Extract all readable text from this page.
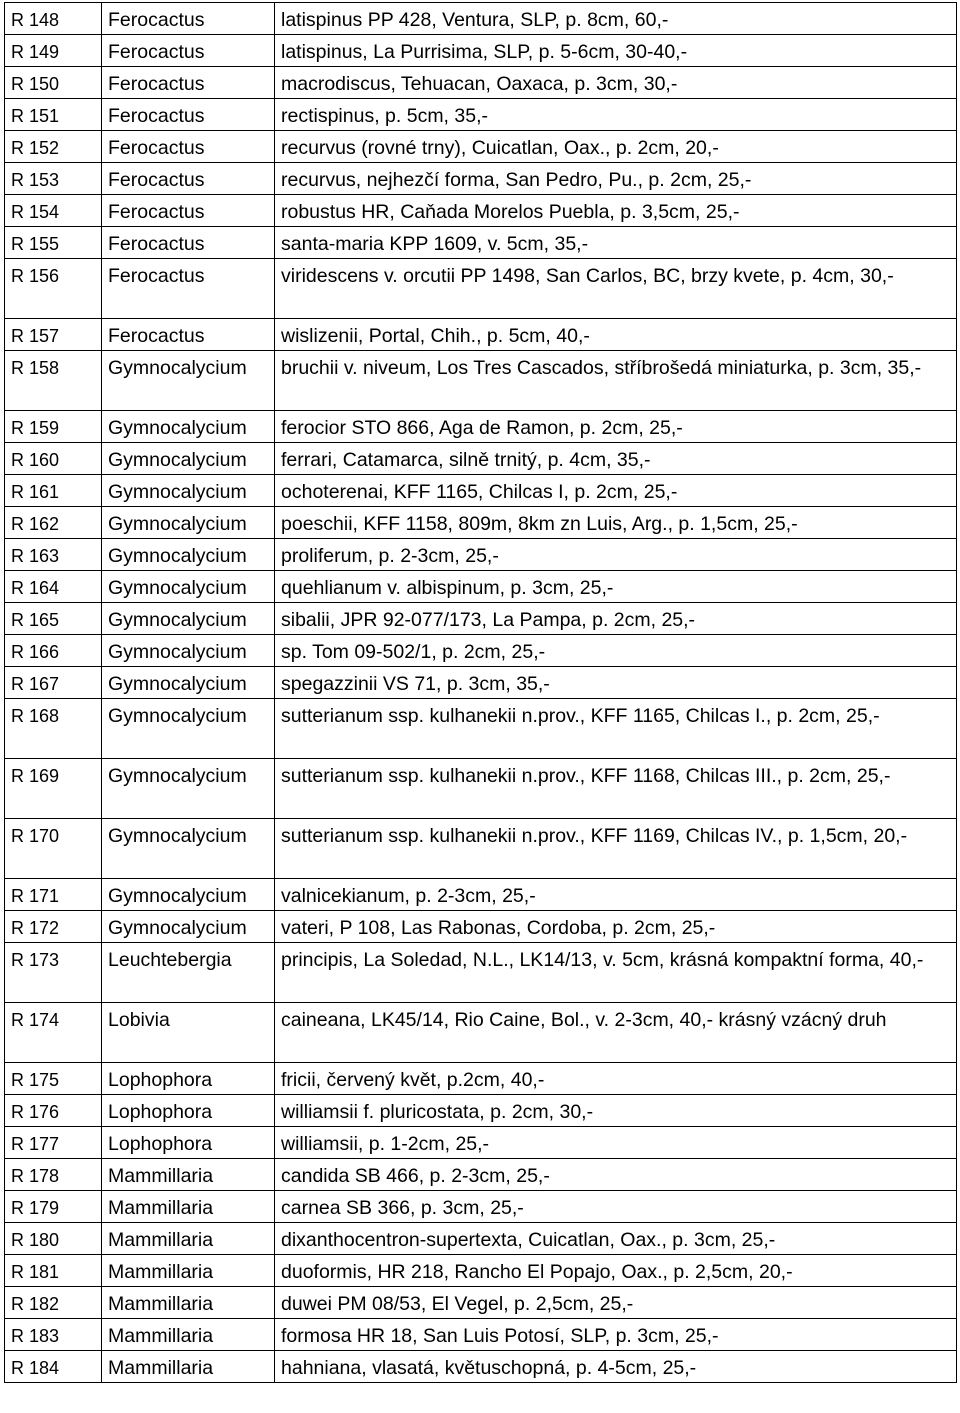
R 148	Ferocactus	latispinus PP 428, Ventura, SLP, p. 8cm, 60,-
R 149	Ferocactus	latispinus, La Purrisima, SLP, p. 5-6cm, 30-40,-
R 150	Ferocactus	macrodiscus, Tehuacan, Oaxaca, p. 3cm, 30,-
R 151	Ferocactus	rectispinus, p. 5cm, 35,-
R 152	Ferocactus	recurvus (rovné trny), Cuicatlan, Oax., p. 2cm, 20,-
R 153	Ferocactus	recurvus, nejhezčí forma, San Pedro, Pu., p. 2cm, 25,-
R 154	Ferocactus	robustus HR, Caňada Morelos Puebla, p. 3,5cm, 25,-
R 155	Ferocactus	santa-maria KPP 1609, v. 5cm, 35,-
R 156	Ferocactus	viridescens v. orcutii PP 1498, San Carlos, BC, brzy kvete, p. 4cm, 30,-
R 157	Ferocactus	wislizenii, Portal, Chih., p. 5cm, 40,-
R 158	Gymnocalycium	bruchii v. niveum, Los Tres Cascados, stříbrošedá miniaturka, p. 3cm, 35,-
R 159	Gymnocalycium	ferocior STO 866, Aga de Ramon, p. 2cm, 25,-
R 160	Gymnocalycium	ferrari, Catamarca, silně trnitý, p. 4cm, 35,-
R 161	Gymnocalycium	ochoterenai, KFF 1165, Chilcas I, p. 2cm, 25,-
R 162	Gymnocalycium	poeschii, KFF 1158, 809m, 8km zn Luis, Arg., p. 1,5cm, 25,-
R 163	Gymnocalycium	proliferum, p. 2-3cm, 25,-
R 164	Gymnocalycium	quehlianum v. albispinum, p. 3cm, 25,-
R 165	Gymnocalycium	sibalii, JPR 92-077/173, La Pampa, p. 2cm, 25,-
R 166	Gymnocalycium	sp. Tom 09-502/1, p. 2cm, 25,-
R 167	Gymnocalycium	spegazzinii VS 71, p. 3cm, 35,-
R 168	Gymnocalycium	sutterianum ssp. kulhanekii n.prov., KFF 1165, Chilcas I., p. 2cm, 25,-
R 169	Gymnocalycium	sutterianum ssp. kulhanekii n.prov., KFF 1168, Chilcas III., p. 2cm, 25,-
R 170	Gymnocalycium	sutterianum ssp. kulhanekii n.prov., KFF 1169, Chilcas IV., p. 1,5cm, 20,-
R 171	Gymnocalycium	valnicekianum, p. 2-3cm, 25,-
R 172	Gymnocalycium	vateri, P 108, Las Rabonas, Cordoba, p. 2cm, 25,-
R 173	Leuchtebergia	principis, La Soledad, N.L., LK14/13, v. 5cm, krásná kompaktní forma, 40,-
R 174	Lobivia	caineana, LK45/14, Rio Caine, Bol., v. 2-3cm, 40,- krásný vzácný druh
R 175	Lophophora	fricii, červený květ, p.2cm, 40,-
R 176	Lophophora	williamsii f. pluricostata, p. 2cm, 30,-
R 177	Lophophora	williamsii, p. 1-2cm, 25,-
R 178	Mammillaria	candida SB 466, p. 2-3cm, 25,-
R 179	Mammillaria	carnea SB 366, p. 3cm, 25,-
R 180	Mammillaria	dixanthocentron-supertexta, Cuicatlan, Oax., p. 3cm, 25,-
R 181	Mammillaria	duoformis, HR 218, Rancho El Popajo, Oax., p. 2,5cm, 20,-
R 182	Mammillaria	duwei PM 08/53, El Vegel, p. 2,5cm, 25,-
R 183	Mammillaria	formosa HR 18, San Luis Potosí, SLP, p. 3cm, 25,-
R 184	Mammillaria	hahniana, vlasatá, květuschopná, p. 4-5cm, 25,-
